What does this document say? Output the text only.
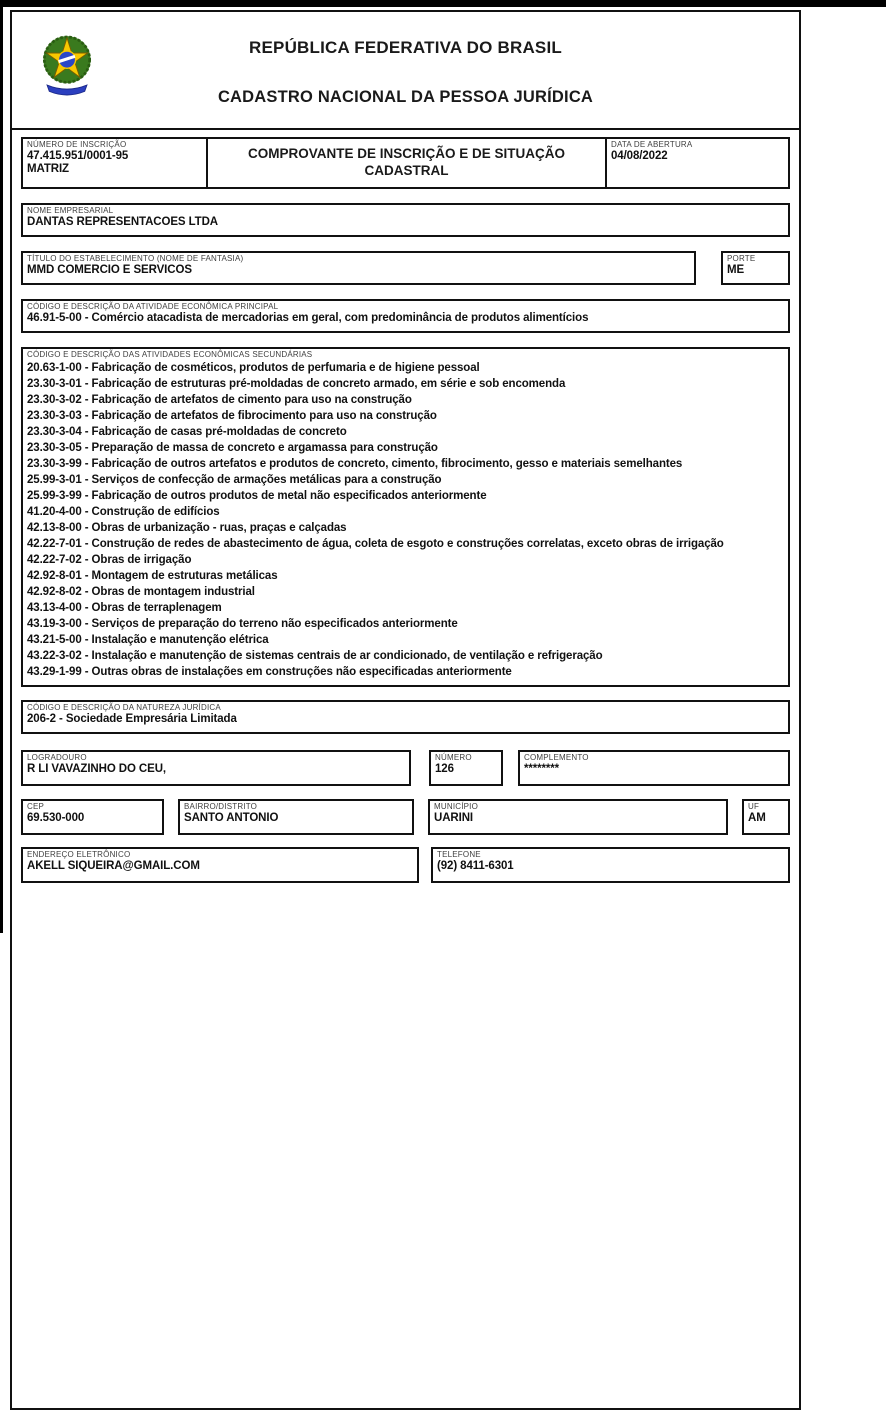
REPÚBLICA FEDERATIVA DO BRASIL
CADASTRO NACIONAL DA PESSOA JURÍDICA
NÚMERO DE INSCRIÇÃO
47.415.951/0001-95
MATRIZ
COMPROVANTE DE INSCRIÇÃO E DE SITUAÇÃO CADASTRAL
DATA DE ABERTURA
04/08/2022
NOME EMPRESARIAL
DANTAS REPRESENTACOES LTDA
TÍTULO DO ESTABELECIMENTO (NOME DE FANTASIA)
MMD COMERCIO E SERVICOS
PORTE
ME
CÓDIGO E DESCRIÇÃO DA ATIVIDADE ECONÔMICA PRINCIPAL
46.91-5-00 - Comércio atacadista de mercadorias em geral, com predominância de produtos alimentícios
CÓDIGO E DESCRIÇÃO DAS ATIVIDADES ECONÔMICAS SECUNDÁRIAS
20.63-1-00 - Fabricação de cosméticos, produtos de perfumaria e de higiene pessoal
23.30-3-01 - Fabricação de estruturas pré-moldadas de concreto armado, em série e sob encomenda
23.30-3-02 - Fabricação de artefatos de cimento para uso na construção
23.30-3-03 - Fabricação de artefatos de fibrocimento para uso na construção
23.30-3-04 - Fabricação de casas pré-moldadas de concreto
23.30-3-05 - Preparação de massa de concreto e argamassa para construção
23.30-3-99 - Fabricação de outros artefatos e produtos de concreto, cimento, fibrocimento, gesso e materiais semelhantes
25.99-3-01 - Serviços de confecção de armações metálicas para a construção
25.99-3-99 - Fabricação de outros produtos de metal não especificados anteriormente
41.20-4-00 - Construção de edifícios
42.13-8-00 - Obras de urbanização - ruas, praças e calçadas
42.22-7-01 - Construção de redes de abastecimento de água, coleta de esgoto e construções correlatas, exceto obras de irrigação
42.22-7-02 - Obras de irrigação
42.92-8-01 - Montagem de estruturas metálicas
42.92-8-02 - Obras de montagem industrial
43.13-4-00 - Obras de terraplenagem
43.19-3-00 - Serviços de preparação do terreno não especificados anteriormente
43.21-5-00 - Instalação e manutenção elétrica
43.22-3-02 - Instalação e manutenção de sistemas centrais de ar condicionado, de ventilação e refrigeração
43.29-1-99 - Outras obras de instalações em construções não especificadas anteriormente
CÓDIGO E DESCRIÇÃO DA NATUREZA JURÍDICA
206-2 - Sociedade Empresária Limitada
LOGRADOURO
R LI VAVAZINHO DO CEU,
NÚMERO
126
COMPLEMENTO
********
CEP
69.530-000
BAIRRO/DISTRITO
SANTO ANTONIO
MUNICÍPIO
UARINI
UF
AM
ENDEREÇO ELETRÔNICO
AKELL SIQUEIRA@GMAIL.COM
TELEFONE
(92) 8411-6301
